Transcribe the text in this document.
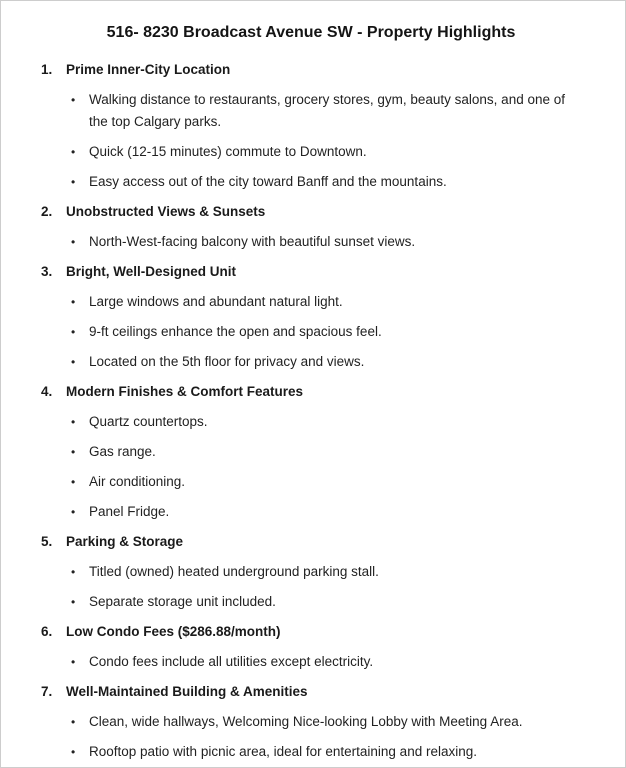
516- 8230 Broadcast Avenue SW - Property Highlights
1.	Prime Inner-City Location
•	Walking distance to restaurants, grocery stores, gym, beauty salons, and one of the top Calgary parks.
•	Quick (12-15 minutes) commute to Downtown.
•	Easy access out of the city toward Banff and the mountains.
2.	Unobstructed Views & Sunsets
•	North-West-facing balcony with beautiful sunset views.
3.	Bright, Well-Designed Unit
•	Large windows and abundant natural light.
•	9-ft ceilings enhance the open and spacious feel.
•	Located on the 5th floor for privacy and views.
4.	Modern Finishes & Comfort Features
•	Quartz countertops.
•	Gas range.
•	Air conditioning.
•	Panel Fridge.
5.	Parking & Storage
•	Titled (owned) heated underground parking stall.
•	Separate storage unit included.
6.	Low Condo Fees ($286.88/month)
•	Condo fees include all utilities except electricity.
7.	Well-Maintained Building & Amenities
•	Clean, wide hallways, Welcoming Nice-looking Lobby with Meeting Area.
•	Rooftop patio with picnic area, ideal for entertaining and relaxing.
